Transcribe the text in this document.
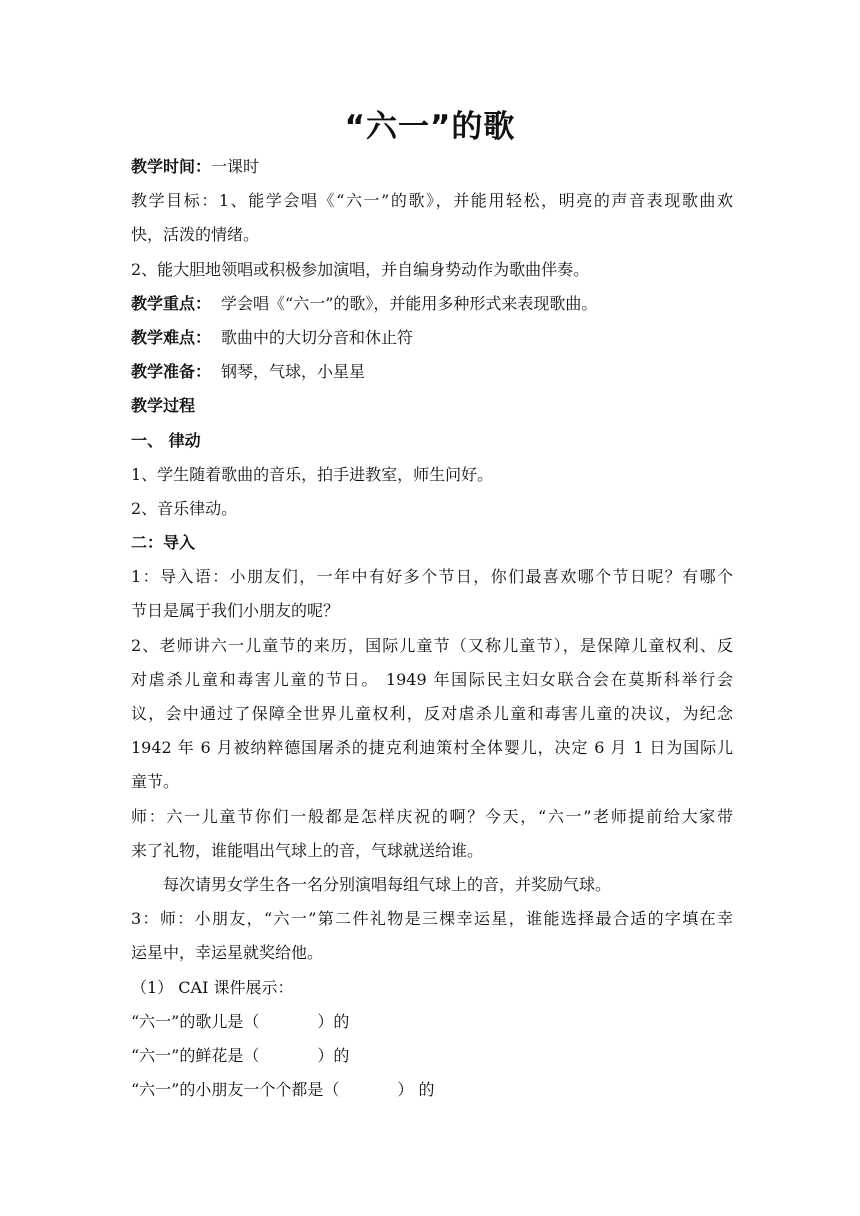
“六一”的歌
教学时间：一课时
教学目标：1、能学会唱《“六一”的歌》，并能用轻松，明亮的声音表现歌曲欢
快，活泼的情绪。
2、能大胆地领唱或积极参加演唱，并自编身势动作为歌曲伴奏。
教学重点： 学会唱《“六一”的歌》，并能用多种形式来表现歌曲。
教学难点： 歌曲中的大切分音和休止符
教学准备： 钢琴，气球，小星星
教学过程
一、 律动
1、学生随着歌曲的音乐，拍手进教室，师生问好。
2、音乐律动。
二：导入
1：导入语：小朋友们，一年中有好多个节日，你们最喜欢哪个节日呢？有哪个
节日是属于我们小朋友的呢？
2、老师讲六一儿童节的来历，国际儿童节（又称儿童节），是保障儿童权利、反
对虐杀儿童和毒害儿童的节日。 1949 年国际民主妇女联合会在莫斯科举行会
议，会中通过了保障全世界儿童权利，反对虐杀儿童和毒害儿童的决议，为纪念
1942 年 6 月被纳粹德国屠杀的捷克利迪策村全体婴儿，决定 6 月 1 日为国际儿
童节。
师：六一儿童节你们一般都是怎样庆祝的啊？今天，“六一”老师提前给大家带
来了礼物，谁能唱出气球上的音，气球就送给谁。
每次请男女学生各一名分别演唱每组气球上的音，并奖励气球。
3：师：小朋友，“六一”第二件礼物是三棵幸运星，谁能选择最合适的字填在幸
运星中，幸运星就奖给他。
（1） CAI 课件展示：
“六一”的歌儿是（	）的
“六一”的鲜花是（	）的
“六一”的小朋友一个个都是（	） 的
